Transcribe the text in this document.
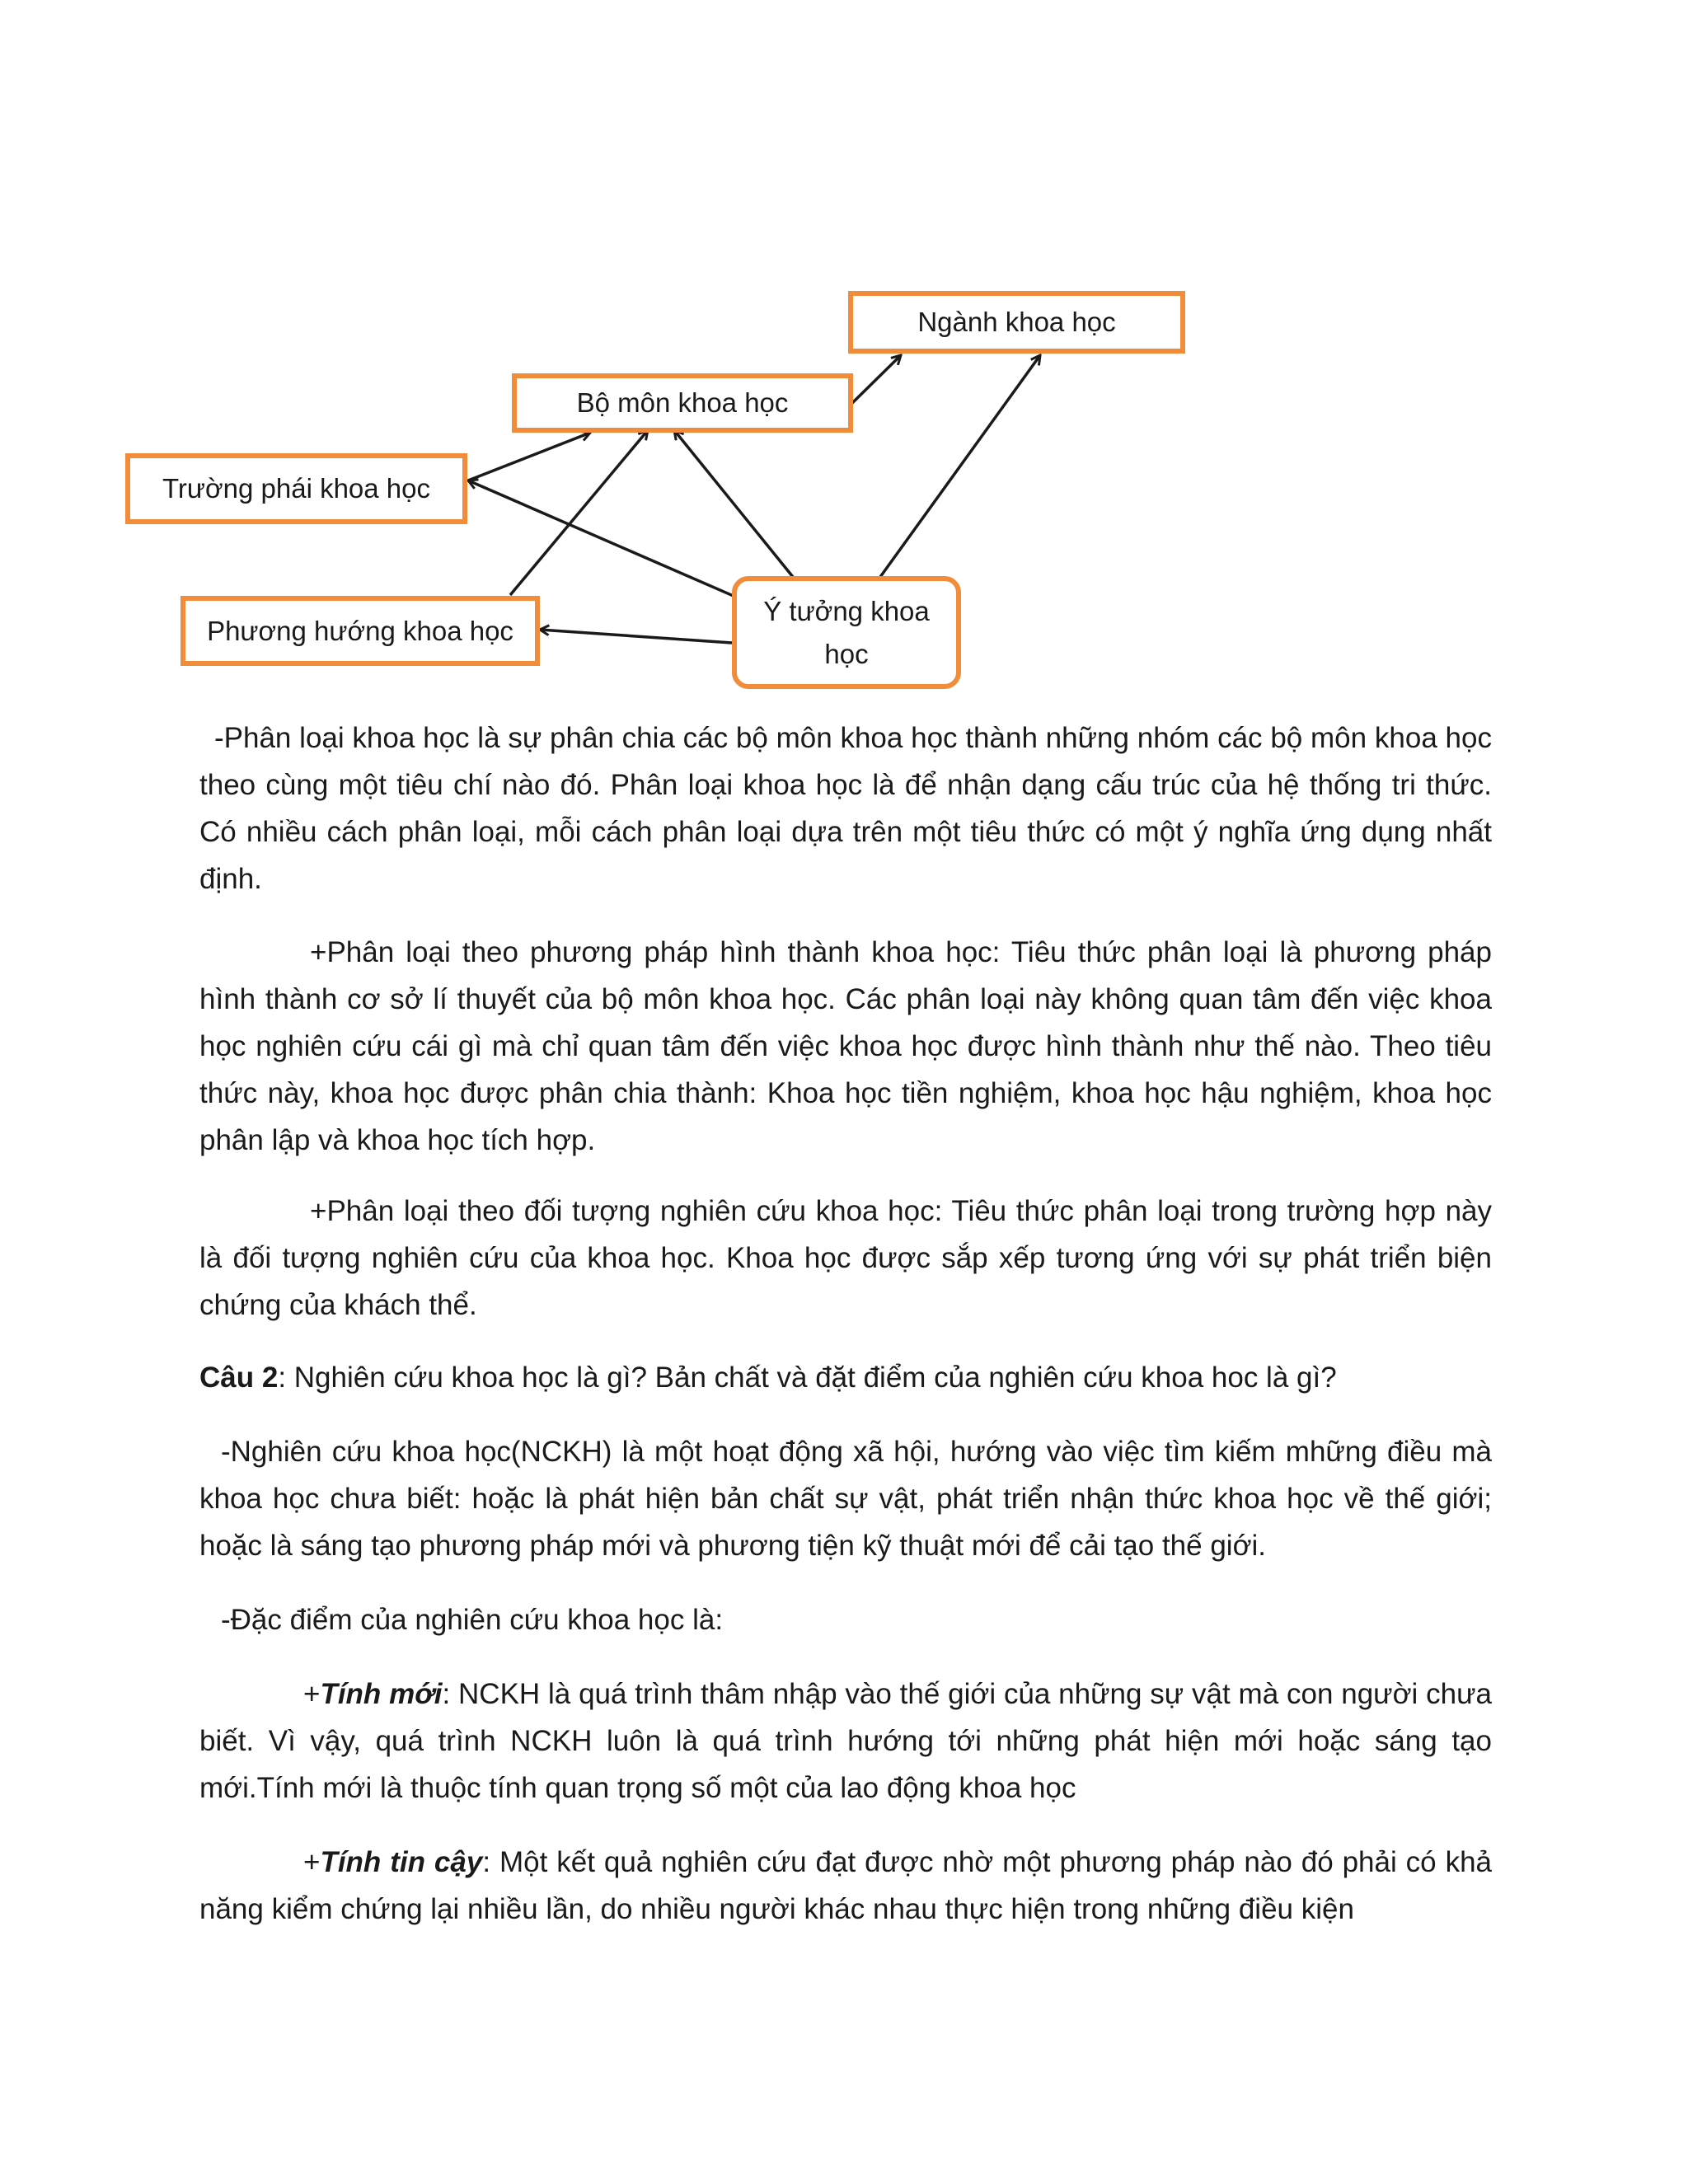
Ngành khoa học
Bộ môn khoa học
Trường phái khoa học
Phương hướng khoa học
Ý tưởng khoa học

-Phân loại khoa học là sự phân chia các bộ môn khoa học thành những nhóm các bộ môn khoa học theo cùng một tiêu chí nào đó. Phân loại khoa học là để nhận dạng cấu trúc của hệ thống tri thức. Có nhiều cách phân loại, mỗi cách phân loại dựa trên một tiêu thức có một ý nghĩa ứng dụng nhất định.

+Phân loại theo phương pháp hình thành khoa học: Tiêu thức phân loại là phương pháp hình thành cơ sở lí thuyết của bộ môn khoa học. Các phân loại này không quan tâm đến việc khoa học nghiên cứu cái gì mà chỉ quan tâm đến việc khoa học được hình thành như thế nào. Theo tiêu thức này, khoa học được phân chia thành: Khoa học tiền nghiệm, khoa học hậu nghiệm, khoa học phân lập và khoa học tích hợp.

+Phân loại theo đối tượng nghiên cứu khoa học: Tiêu thức phân loại trong trường hợp này là đối tượng nghiên cứu của khoa học. Khoa học được sắp xếp tương ứng với sự phát triển biện chứng của khách thể.

Câu 2: Nghiên cứu khoa học là gì? Bản chất và đặt điểm của nghiên cứu khoa hoc là gì?

-Nghiên cứu khoa học(NCKH) là một hoạt động xã hội, hướng vào việc tìm kiếm mhững điều mà khoa học chưa biết: hoặc là phát hiện bản chất sự vật, phát triển nhận thức khoa học về thế giới; hoặc là sáng tạo phương pháp mới và phương tiện kỹ thuật mới để cải tạo thế giới.

-Đặc điểm của nghiên cứu khoa học là:

+Tính mới: NCKH là quá trình thâm nhập vào thế giới của những sự vật mà con người chưa biết. Vì vậy, quá trình NCKH luôn là quá trình hướng tới những phát hiện mới hoặc sáng tạo mới.Tính mới là thuộc tính quan trọng số một của lao động khoa học

+Tính tin cậy: Một kết quả nghiên cứu đạt được nhờ một phương pháp nào đó phải có khả năng kiểm chứng lại nhiều lần, do nhiều người khác nhau thực hiện trong những điều kiện
